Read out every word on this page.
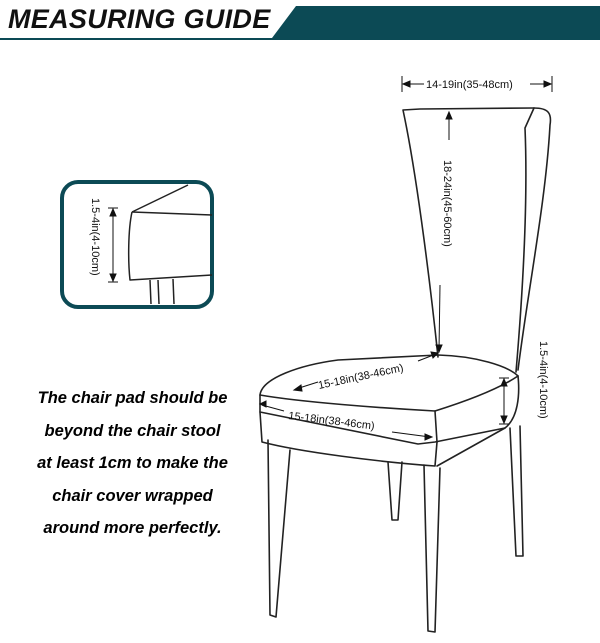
MEASURING GUIDE
14-19in(35-48cm)
18-24in(45-60cm)
15-18in(38-46cm)
15-18in(38-46cm)
1.5-4in(4-10cm)
1.5-4in(4-10cm)
The chair pad should be
beyond the chair stool
at least 1cm to make the
chair cover wrapped
around more perfectly.
